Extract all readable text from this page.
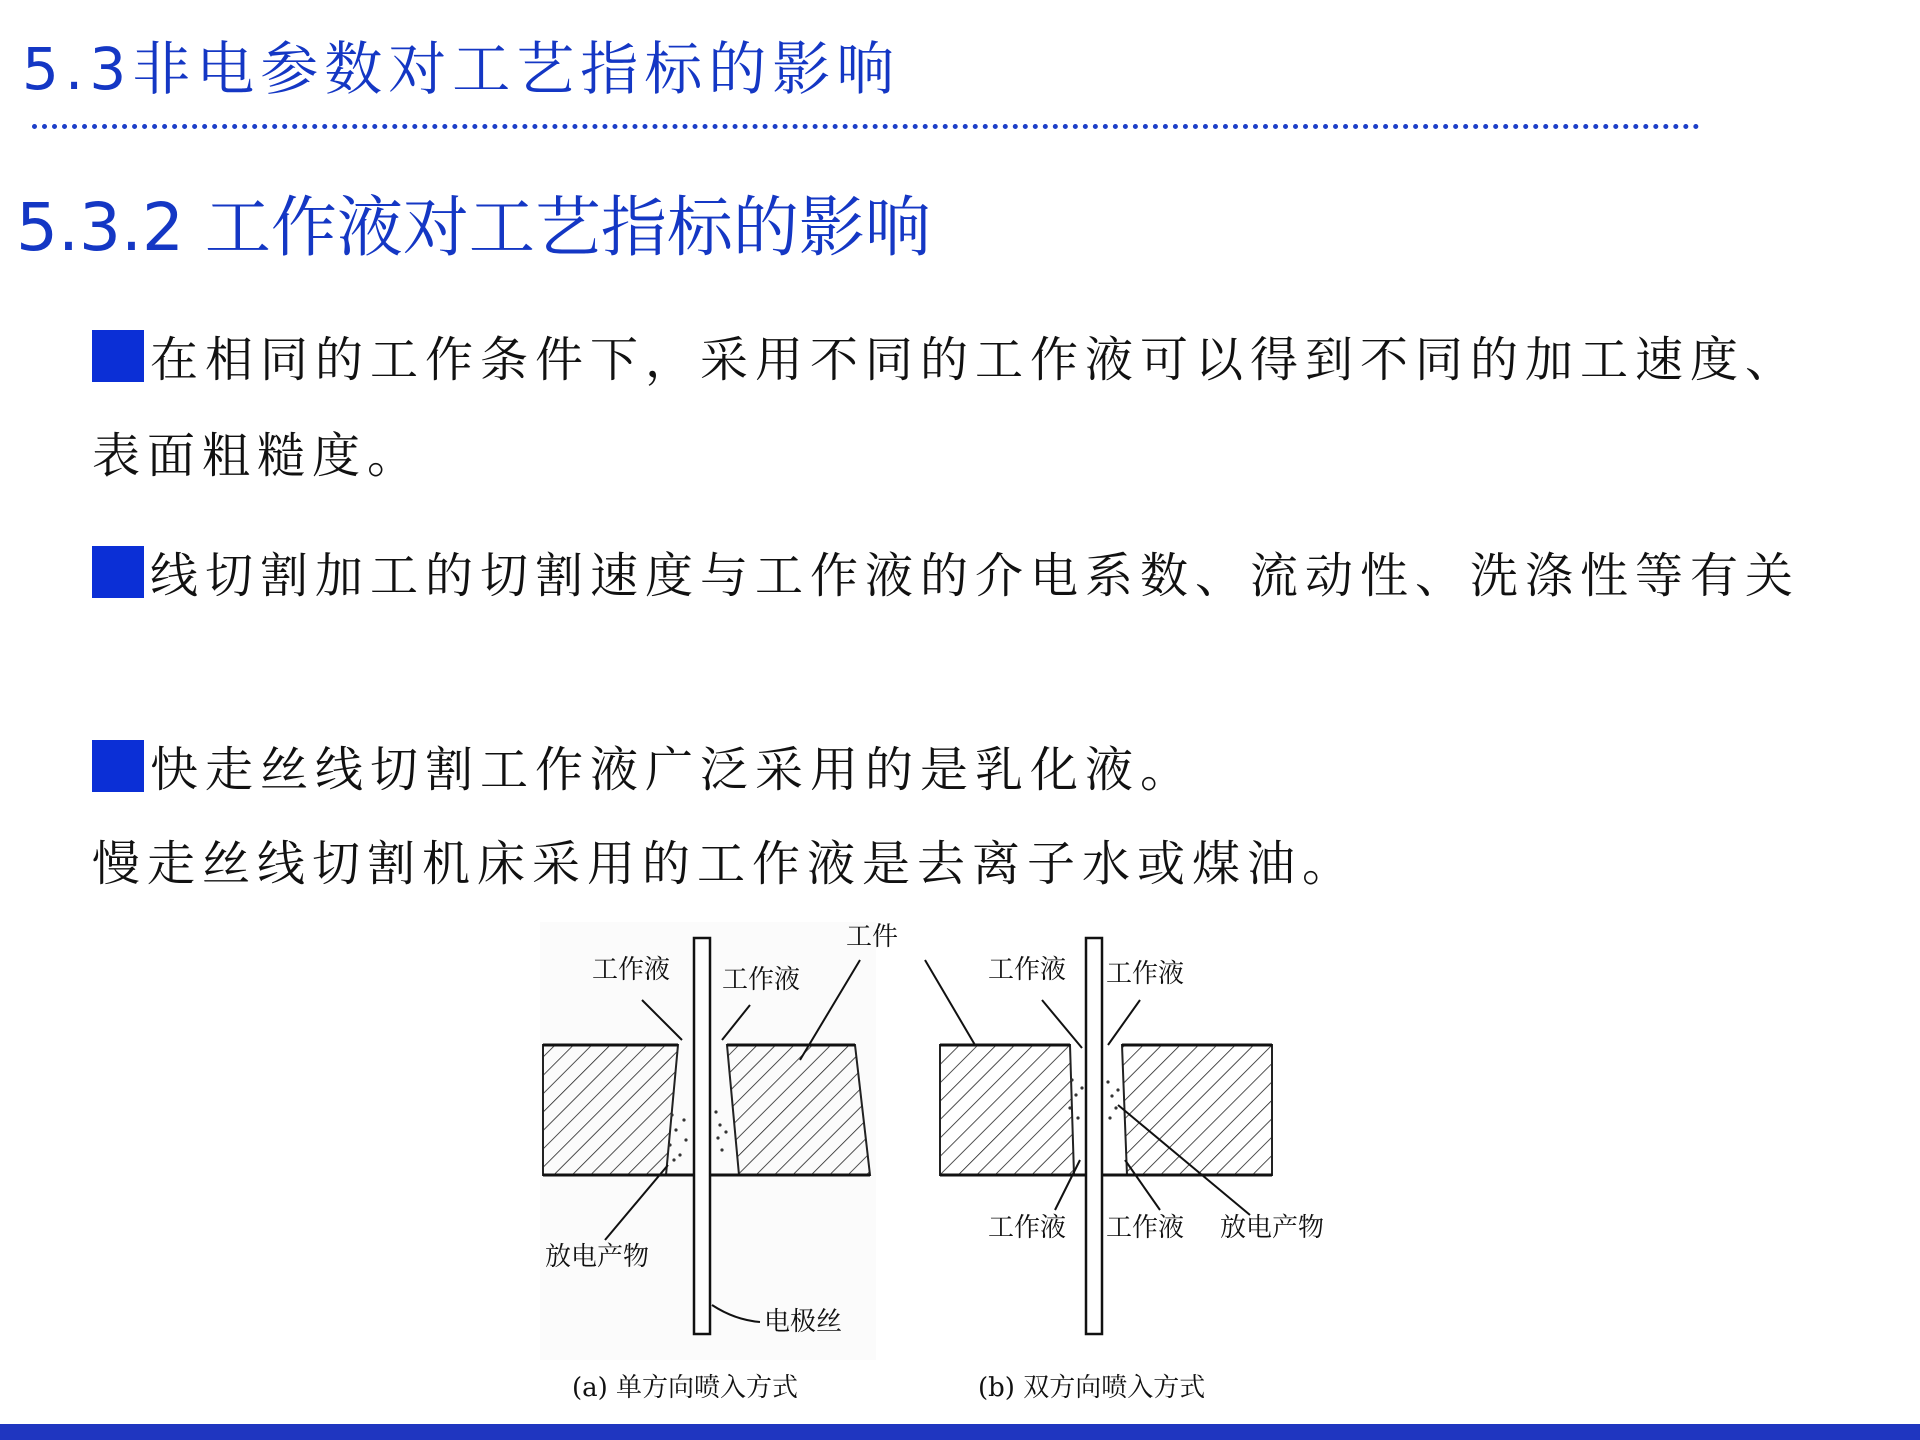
5.3非电参数对工艺指标的影响
5.3.2 工作液对工艺指标的影响
在相同的工作条件下，采用不同的工作液可以得到不同的加工速度、表面粗糙度。
线切割加工的切割速度与工作液的介电系数、流动性、洗涤性等有关
快走丝线切割工作液广泛采用的是乳化液。
慢走丝线切割机床采用的工作液是去离子水或煤油。
工作液 工作液
工件
工作液 工作液
工作液 工作液 放电产物
放电产物
电极丝
(a) 单方向喷入方式	(b) 双方向喷入方式
